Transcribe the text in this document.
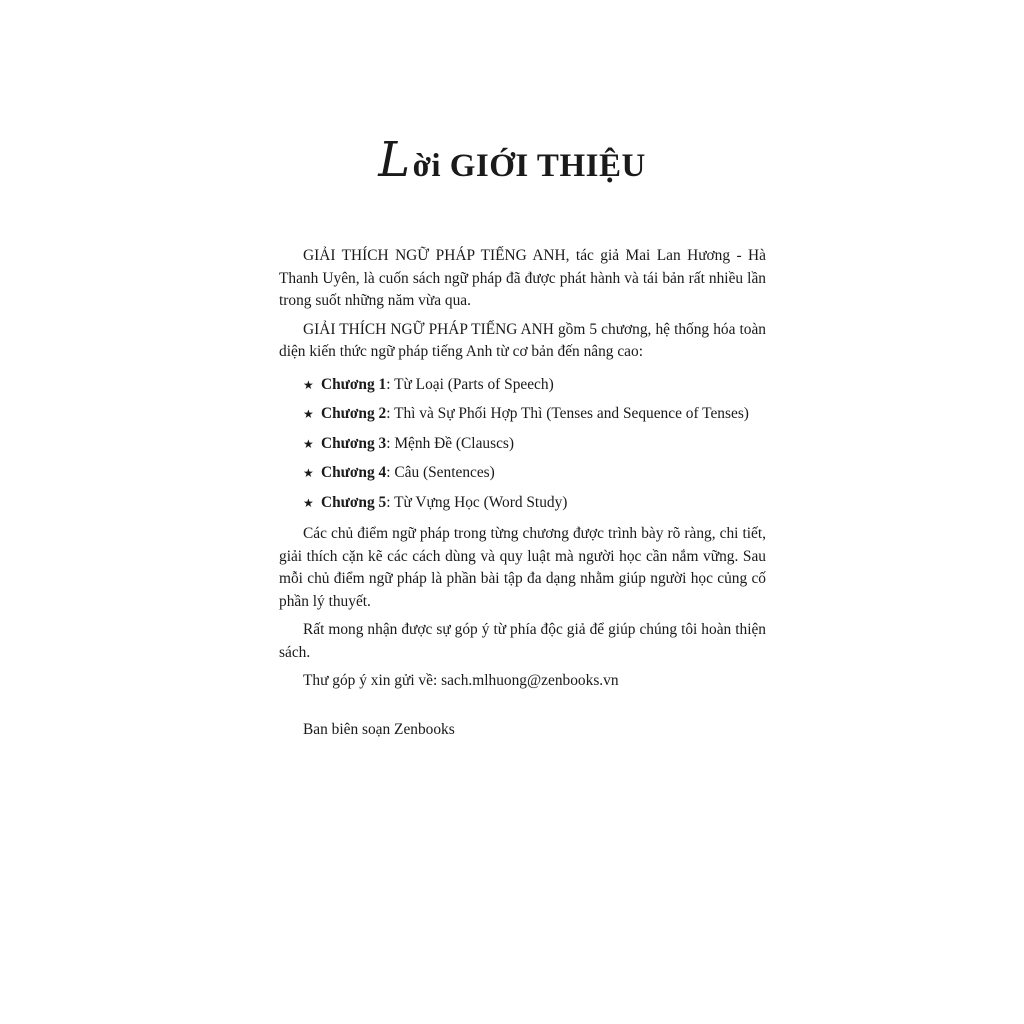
Lời GIỚI THIỆU

GIẢI THÍCH NGỮ PHÁP TIẾNG ANH, tác giả Mai Lan Hương - Hà Thanh Uyên, là cuốn sách ngữ pháp đã được phát hành và tái bản rất nhiều lần trong suốt những năm vừa qua.

GIẢI THÍCH NGỮ PHÁP TIẾNG ANH gồm 5 chương, hệ thống hóa toàn diện kiến thức ngữ pháp tiếng Anh từ cơ bản đến nâng cao:

★ Chương 1: Từ Loại (Parts of Speech)
★ Chương 2: Thì và Sự Phối Hợp Thì (Tenses and Sequence of Tenses)
★ Chương 3: Mệnh Đề (Clauscs)
★ Chương 4: Câu (Sentences)
★ Chương 5: Từ Vựng Học (Word Study)

Các chủ điểm ngữ pháp trong từng chương được trình bày rõ ràng, chi tiết, giải thích cặn kẽ các cách dùng và quy luật mà người học cần nắm vững. Sau mỗi chủ điểm ngữ pháp là phần bài tập đa dạng nhằm giúp người học củng cố phần lý thuyết.

Rất mong nhận được sự góp ý từ phía độc giả để giúp chúng tôi hoàn thiện sách.

Thư góp ý xin gửi về: sach.mlhuong@zenbooks.vn

Ban biên soạn Zenbooks
